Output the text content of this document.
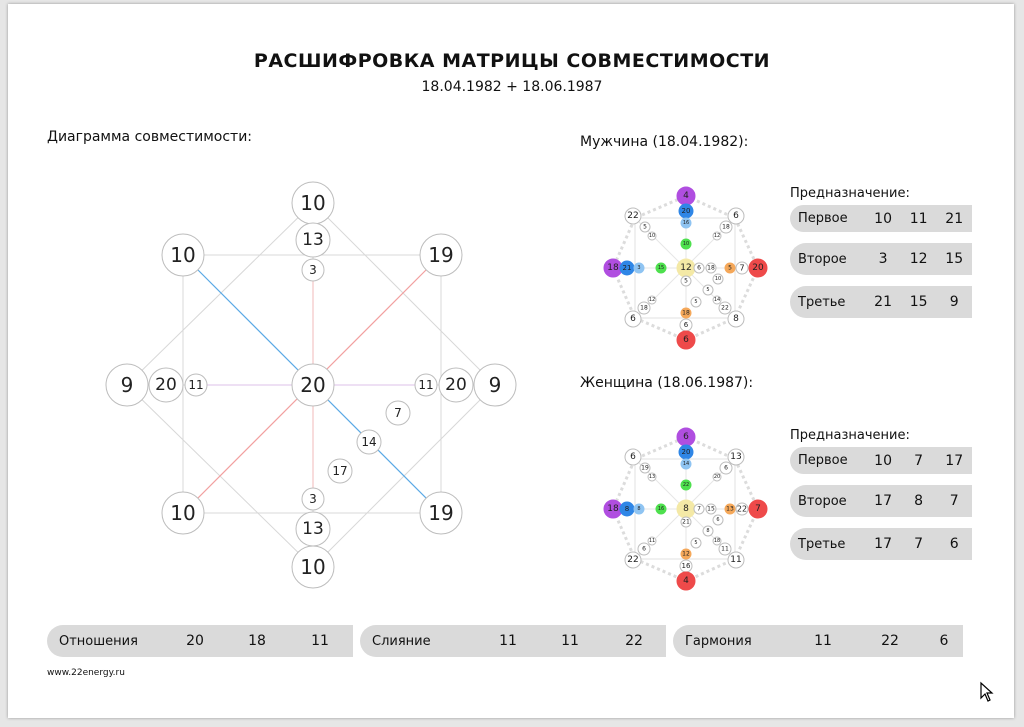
РАСШИФРОВКА МАТРИЦЫ СОВМЕСТИМОСТИ
18.04.1982 + 18.06.1987
Диаграмма совместимости:	Мужчина (18.04.1982):
Женщина (18.06.1987):
10
13
3
10
13
3
9 20 11	9
20
11
20
10	19
10	19
7
14
17
4
20
16
10
18 21 3	15 12 6 18 5 7 20
5
18
6
6
22
5
10
6
18
12
6
18
12
8
22
14
10
5
5
6
20
14
22
18 8 8	16 8 7 15 13 22 7
21
12
16
4
6
19
13
13
6
20
22
6
11
11
11
18
6
8
5
Предназначение:
Первое	10	11	21
Второе	3	12	15
Третье	21	15	9
Предназначение:
Первое	10	7	17
Второе	17	8	7
Третье	17	7	6
Отношения	20	18	11	Слияние	11	11	22	Гармония	11	22	6
www.22energy.ru
